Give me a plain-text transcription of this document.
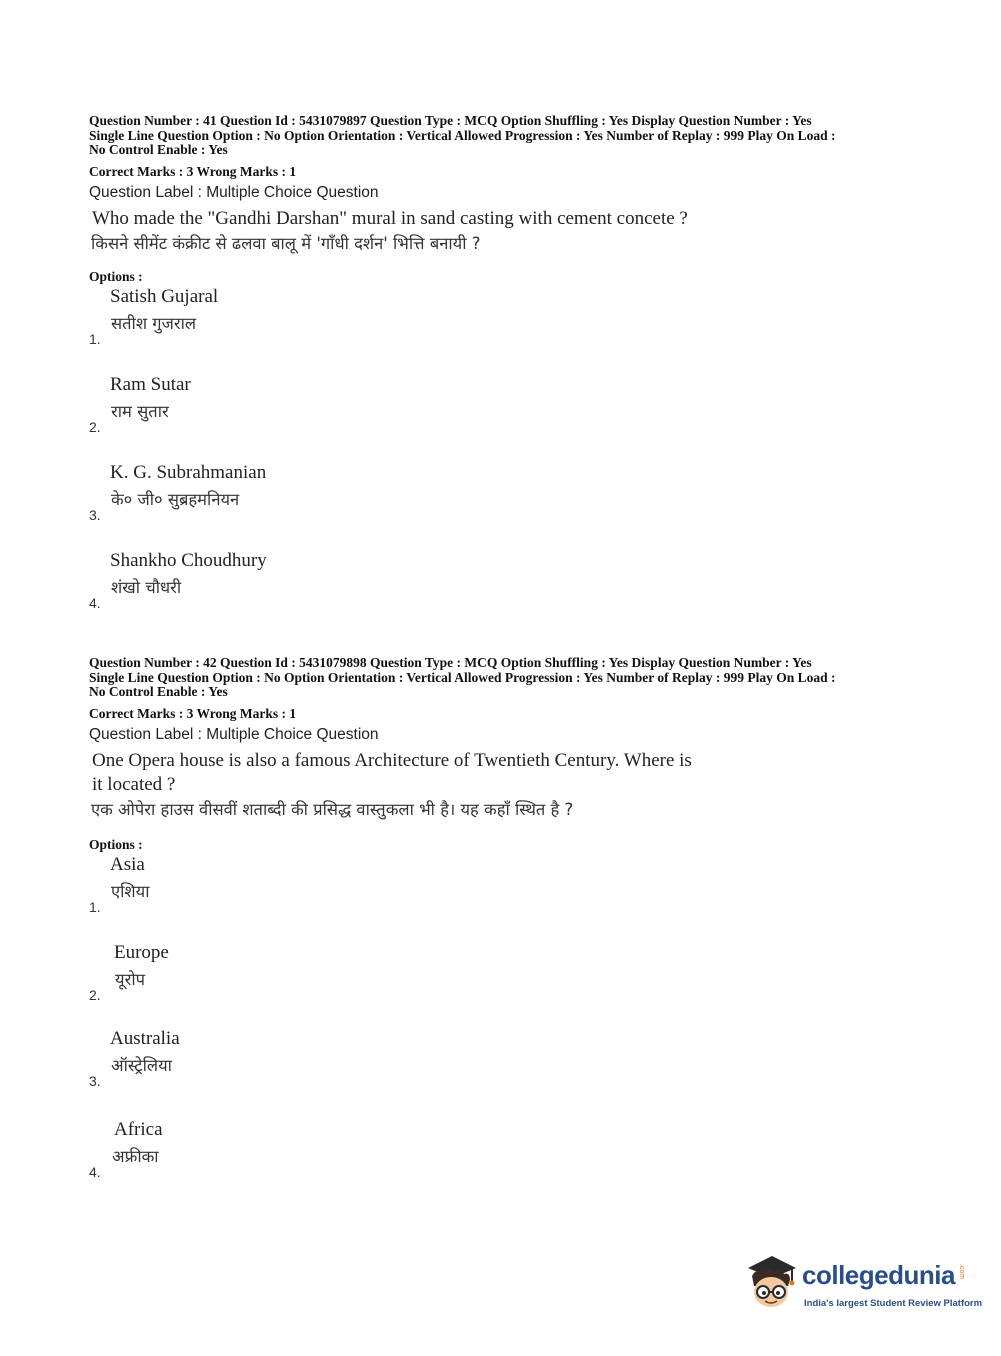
Question Number : 41 Question Id : 5431079897 Question Type : MCQ Option Shuffling : Yes Display Question Number : Yes
Single Line Question Option : No Option Orientation : Vertical Allowed Progression : Yes Number of Replay : 999 Play On Load :
No Control Enable : Yes
Correct Marks : 3 Wrong Marks : 1
Question Label : Multiple Choice Question
Who made the "Gandhi Darshan" mural in sand casting with cement concete ?
किसने सीमेंट कंक्रीट से ढलवा बालू में 'गाँधी दर्शन' भित्ति बनायी ?
Options :
1.
Satish Gujaral
सतीश गुजराल
2.
Ram Sutar
राम सुतार
3.
K. G. Subrahmanian
के० जी० सुब्रहमनियन
4.
Shankho Choudhury
शंखो चौधरी
Question Number : 42 Question Id : 5431079898 Question Type : MCQ Option Shuffling : Yes Display Question Number : Yes
Single Line Question Option : No Option Orientation : Vertical Allowed Progression : Yes Number of Replay : 999 Play On Load :
No Control Enable : Yes
Correct Marks : 3 Wrong Marks : 1
Question Label : Multiple Choice Question
One Opera house is also a famous Architecture of Twentieth Century. Where is
it located ?
एक ओपेरा हाउस वीसवीं शताब्दी की प्रसिद्ध वास्तुकला भी है। यह कहाँ स्थित है ?
Options :
1.
Asia
एशिया
2.
Europe
यूरोप
3.
Australia
ऑस्ट्रेलिया
4.
Africa
अफ्रीका
collegedunia .com
India's largest Student Review Platform
